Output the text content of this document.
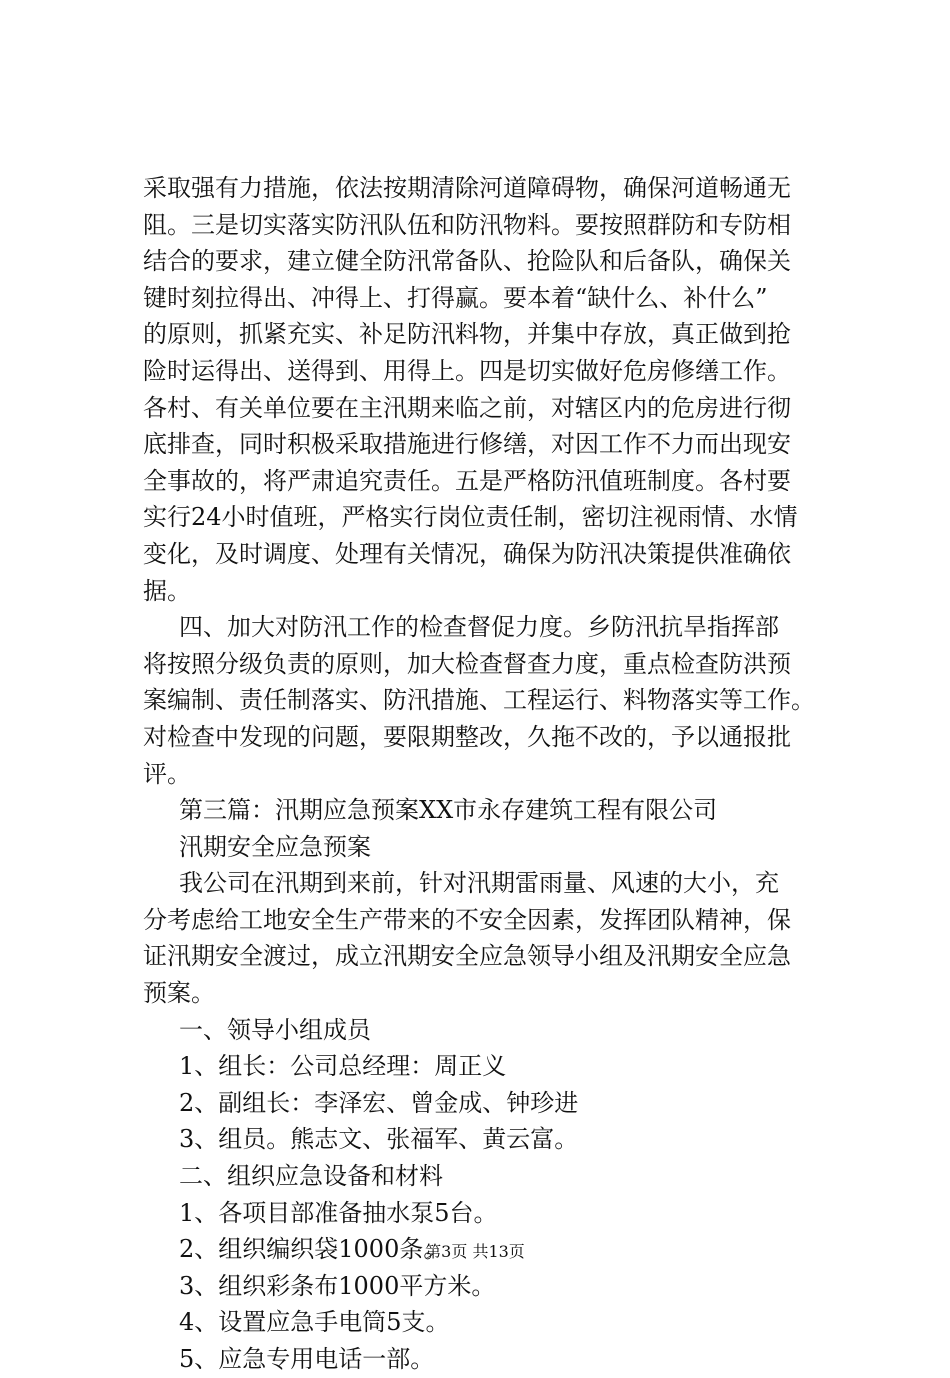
采取强有力措施，依法按期清除河道障碍物，确保河道畅通无
阻。三是切实落实防汛队伍和防汛物料。要按照群防和专防相
结合的要求，建立健全防汛常备队、抢险队和后备队，确保关
键时刻拉得出、冲得上、打得赢。要本着“缺什么、补什么”
的原则，抓紧充实、补足防汛料物，并集中存放，真正做到抢
险时运得出、送得到、用得上。四是切实做好危房修缮工作。
各村、有关单位要在主汛期来临之前，对辖区内的危房进行彻
底排查，同时积极采取措施进行修缮，对因工作不力而出现安
全事故的，将严肃追究责任。五是严格防汛值班制度。各村要
实行24小时值班，严格实行岗位责任制，密切注视雨情、水情
变化，及时调度、处理有关情况，确保为防汛决策提供准确依
据。
四、加大对防汛工作的检查督促力度。乡防汛抗旱指挥部
将按照分级负责的原则，加大检查督查力度，重点检查防洪预
案编制、责任制落实、防汛措施、工程运行、料物落实等工作。
对检查中发现的问题，要限期整改，久拖不改的，予以通报批
评。
第三篇：汛期应急预案XX市永存建筑工程有限公司
汛期安全应急预案
我公司在汛期到来前，针对汛期雷雨量、风速的大小，充
分考虑给工地安全生产带来的不安全因素，发挥团队精神，保
证汛期安全渡过，成立汛期安全应急领导小组及汛期安全应急
预案。
一、领导小组成员
1、组长：公司总经理：周正义
2、副组长：李泽宏、曾金成、钟珍进
3、组员。熊志文、张福军、黄云富。
二、组织应急设备和材料
1、各项目部准备抽水泵5台。
2、组织编织袋1000条。
3、组织彩条布1000平方米。
4、设置应急手电筒5支。
5、应急专用电话一部。
第3页 共13页
